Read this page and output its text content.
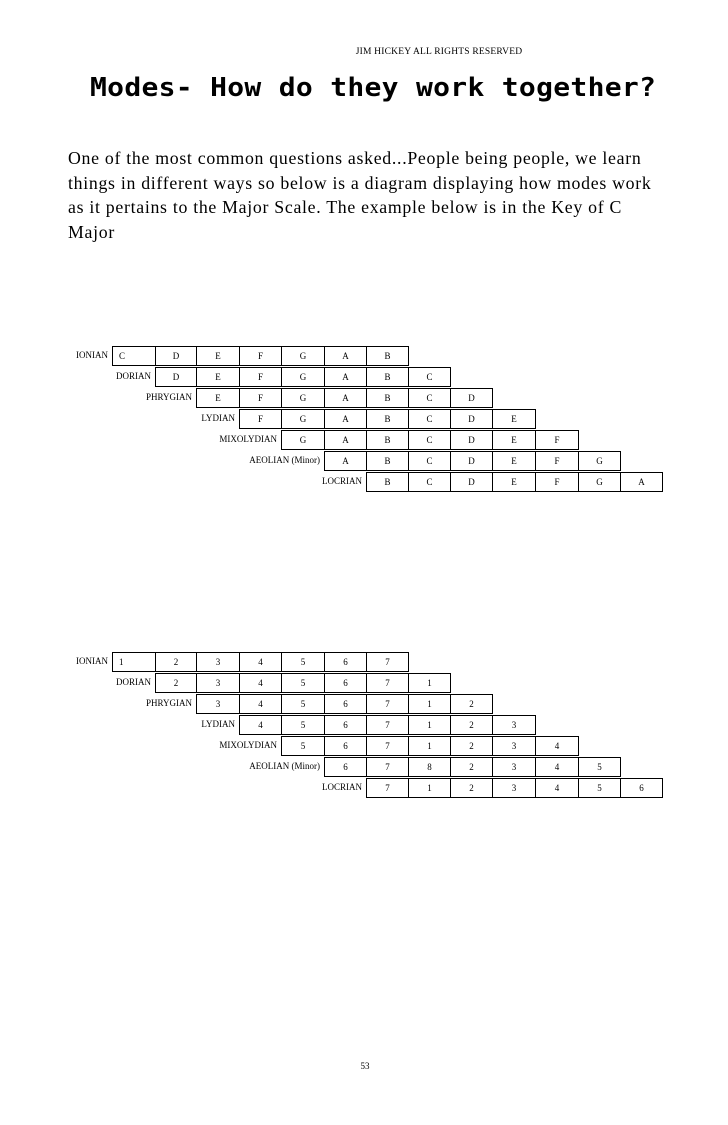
JIM HICKEY ALL RIGHTS RESERVED
Modes- How do they work together?

One of the most common questions asked...People being people, we learn things in different ways so below is a diagram displaying how modes work as it pertains to the Major Scale. The example below is in the Key of C Major

IONIAN	C	D	E	F	G	A	B
DORIAN	D	E	F	G	A	B	C
PHRYGIAN	E	F	G	A	B	C	D
LYDIAN	F	G	A	B	C	D	E
MIXOLYDIAN	G	A	B	C	D	E	F
AEOLIAN (Minor)	A	B	C	D	E	F	G
LOCRIAN	B	C	D	E	F	G	A
IONIAN	1	2	3	4	5	6	7
DORIAN	2	3	4	5	6	7	1
PHRYGIAN	3	4	5	6	7	1	2
LYDIAN	4	5	6	7	1	2	3
MIXOLYDIAN	5	6	7	1	2	3	4
AEOLIAN (Minor)	6	7	8	2	3	4	5
LOCRIAN	7	1	2	3	4	5	6
53
